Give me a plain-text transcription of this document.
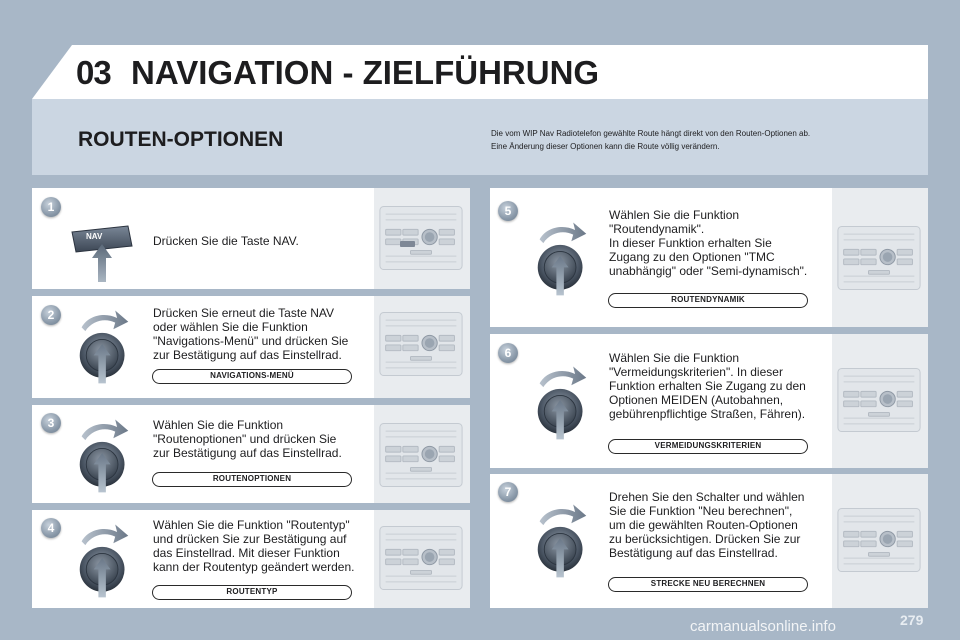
03 NAVIGATION - ZIELFÜHRUNG
ROUTEN-OPTIONEN	Die vom WIP Nav Radiotelefon gewählte Route hängt direkt von den Routen-Optionen ab.
Eine Änderung dieser Optionen kann die Route völlig verändern.
1
2
3
4
5
6
7
NAV	Drücken Sie die Taste NAV.
Drücken Sie erneut die Taste NAV
oder wählen Sie die Funktion
"Navigations-Menü" und drücken Sie
zur Bestätigung auf das Einstellrad.
NAVIGATIONS-MENÜ
Wählen Sie die Funktion
"Routenoptionen" und drücken Sie
zur Bestätigung auf das Einstellrad.
ROUTENOPTIONEN
Wählen Sie die Funktion "Routentyp"
und drücken Sie zur Bestätigung auf
das Einstellrad. Mit dieser Funktion
kann der Routentyp geändert werden.
ROUTENTYP
Wählen Sie die Funktion
"Routendynamik".
In dieser Funktion erhalten Sie
Zugang zu den Optionen "TMC
unabhängig" oder "Semi-dynamisch".
ROUTENDYNAMIK
Wählen Sie die Funktion
"Vermeidungskriterien". In dieser
Funktion erhalten Sie Zugang zu den
Optionen MEIDEN (Autobahnen,
gebührenpflichtige Straßen, Fähren).
VERMEIDUNGSKRITERIEN
Drehen Sie den Schalter und wählen
Sie die Funktion "Neu berechnen",
um die gewählten Routen-Optionen
zu berücksichtigen. Drücken Sie zur
Bestätigung auf das Einstellrad.
STRECKE NEU BERECHNEN
carmanualsonline.info	279
